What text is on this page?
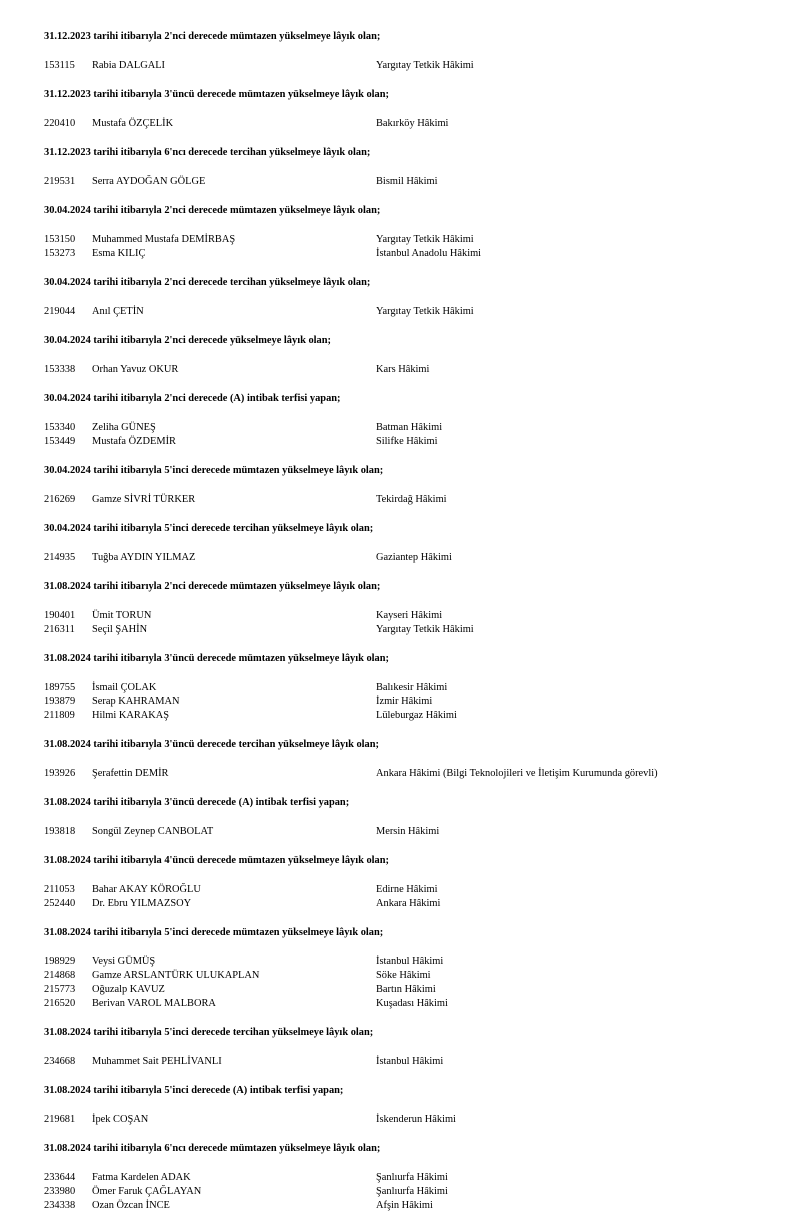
31.12.2023 tarihi itibarıyla 2'nci derecede mümtazen yükselmeye lâyık olan;
153115 Rabia DALGALI	Yargıtay Tetkik Hâkimi
31.12.2023 tarihi itibarıyla 3'üncü derecede mümtazen yükselmeye lâyık olan;
220410 Mustafa ÖZÇELİK	Bakırköy Hâkimi
31.12.2023 tarihi itibarıyla 6'ncı derecede tercihan yükselmeye lâyık olan;
219531 Serra AYDOĞAN GÖLGE	Bismil Hâkimi
30.04.2024 tarihi itibarıyla 2'nci derecede mümtazen yükselmeye lâyık olan;
153150 Muhammed Mustafa DEMİRBAŞ	Yargıtay Tetkik Hâkimi
153273 Esma KILIÇ	İstanbul Anadolu Hâkimi
30.04.2024 tarihi itibarıyla 2'nci derecede tercihan yükselmeye lâyık olan;
219044 Anıl ÇETİN	Yargıtay Tetkik Hâkimi
30.04.2024 tarihi itibarıyla 2'nci derecede yükselmeye lâyık olan;
153338 Orhan Yavuz OKUR	Kars Hâkimi
30.04.2024 tarihi itibarıyla 2'nci derecede (A) intibak terfisi yapan;
153340 Zeliha GÜNEŞ	Batman Hâkimi
153449 Mustafa ÖZDEMİR	Silifke Hâkimi
30.04.2024 tarihi itibarıyla 5'inci derecede mümtazen yükselmeye lâyık olan;
216269 Gamze SİVRİ TÜRKER	Tekirdağ Hâkimi
30.04.2024 tarihi itibarıyla 5'inci derecede tercihan yükselmeye lâyık olan;
214935 Tuğba AYDIN YILMAZ	Gaziantep Hâkimi
31.08.2024 tarihi itibarıyla 2'nci derecede mümtazen yükselmeye lâyık olan;
190401 Ümit TORUN	Kayseri Hâkimi
216311 Seçil ŞAHİN	Yargıtay Tetkik Hâkimi
31.08.2024 tarihi itibarıyla 3'üncü derecede mümtazen yükselmeye lâyık olan;
189755 İsmail ÇOLAK	Balıkesir Hâkimi
193879 Serap KAHRAMAN	İzmir Hâkimi
211809 Hilmi KARAKAŞ	Lüleburgaz Hâkimi
31.08.2024 tarihi itibarıyla 3'üncü derecede tercihan yükselmeye lâyık olan;
193926 Şerafettin DEMİR	Ankara Hâkimi (Bilgi Teknolojileri ve İletişim Kurumunda görevli)
31.08.2024 tarihi itibarıyla 3'üncü derecede (A) intibak terfisi yapan;
193818 Songül Zeynep CANBOLAT	Mersin Hâkimi
31.08.2024 tarihi itibarıyla 4'üncü derecede mümtazen yükselmeye lâyık olan;
211053 Bahar AKAY KÖROĞLU	Edirne Hâkimi
252440 Dr. Ebru YILMAZSOY	Ankara Hâkimi
31.08.2024 tarihi itibarıyla 5'inci derecede mümtazen yükselmeye lâyık olan;
198929 Veysi GÜMÜŞ	İstanbul Hâkimi
214868 Gamze ARSLANTÜRK ULUKAPLAN	Söke Hâkimi
215773 Oğuzalp KAVUZ	Bartın Hâkimi
216520 Berivan VAROL MALBORA	Kuşadası Hâkimi
31.08.2024 tarihi itibarıyla 5'inci derecede tercihan yükselmeye lâyık olan;
234668 Muhammet Sait PEHLİVANLI	İstanbul Hâkimi
31.08.2024 tarihi itibarıyla 5'inci derecede (A) intibak terfisi yapan;
219681 İpek COŞAN	İskenderun Hâkimi
31.08.2024 tarihi itibarıyla 6'ncı derecede mümtazen yükselmeye lâyık olan;
233644 Fatma Kardelen ADAK	Şanlıurfa Hâkimi
233980 Ömer Faruk ÇAĞLAYAN	Şanlıurfa Hâkimi
234338 Ozan Özcan İNCE	Afşin Hâkimi
